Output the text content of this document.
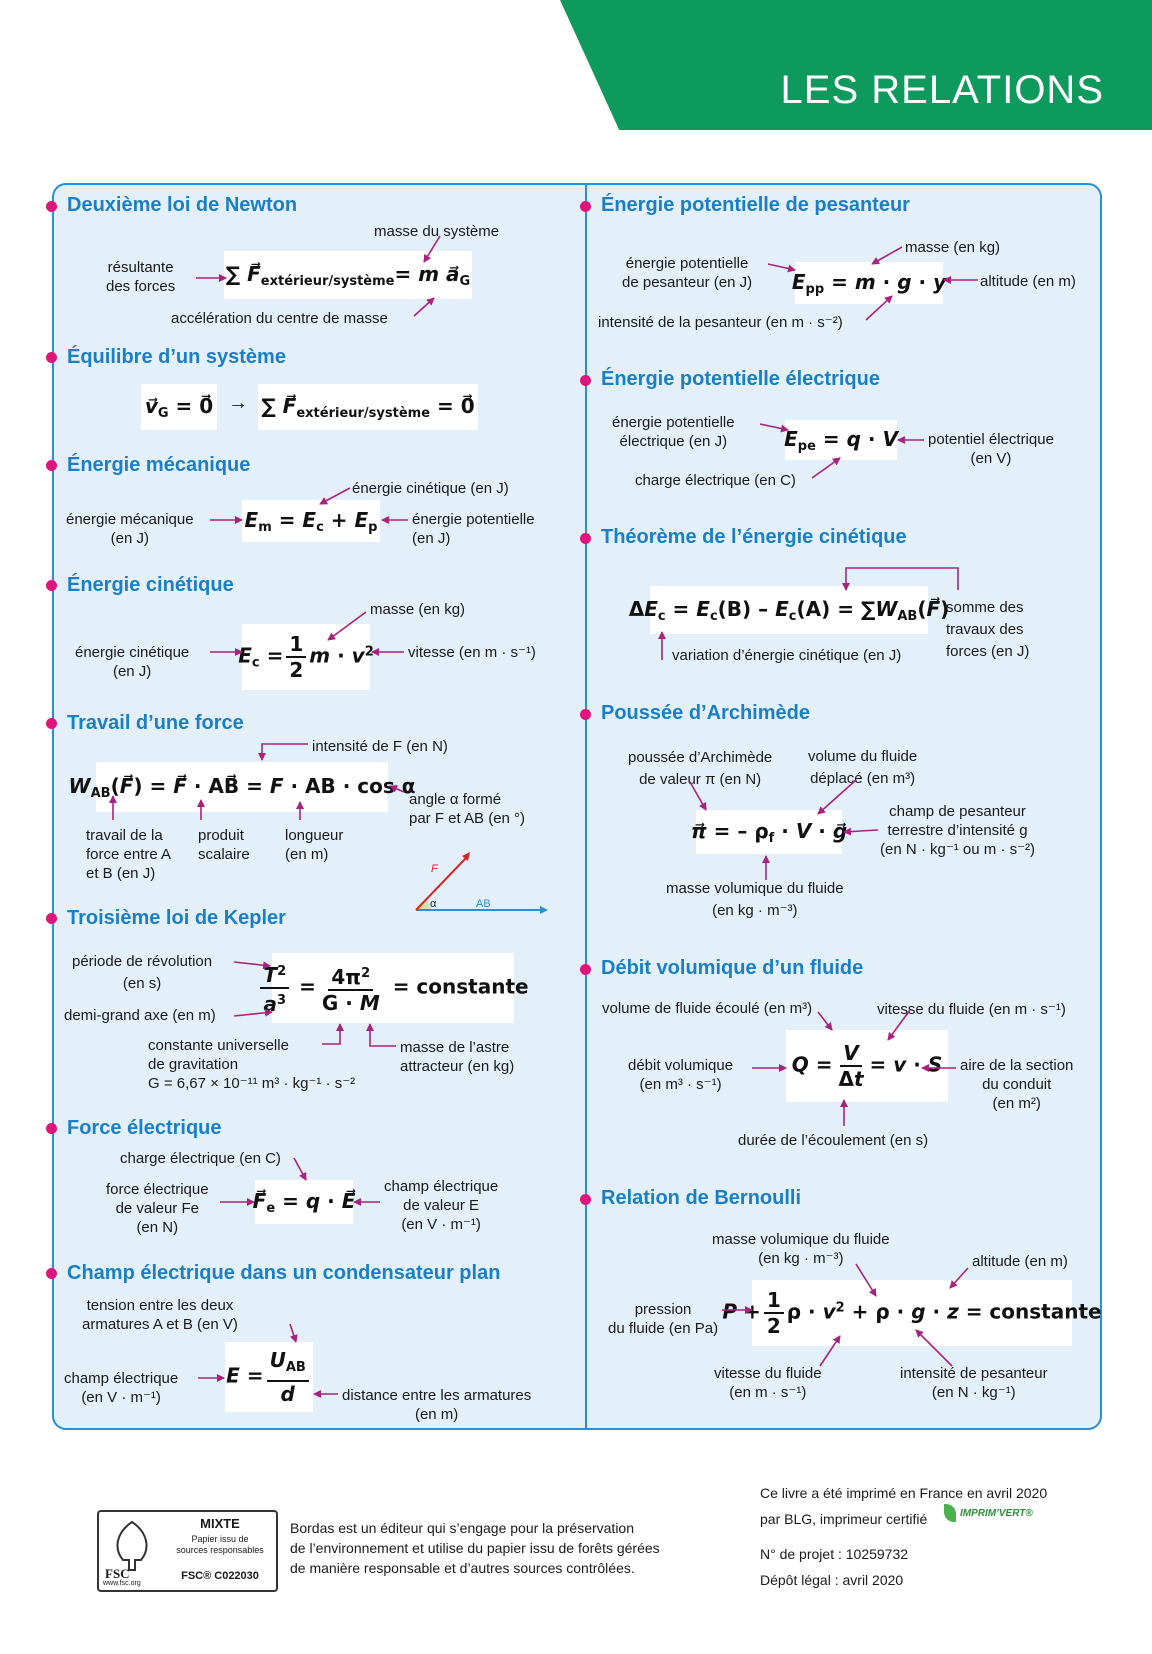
LES RELATIONS
Deuxième loi de Newton
Équilibre d’un système
Énergie mécanique
Énergie cinétique
Travail d’une force
Troisième loi de Kepler
Force électrique
Champ électrique dans un condensateur plan
Énergie potentielle de pesanteur
Énergie potentielle électrique
Théorème de l’énergie cinétique
Poussée d’Archimède
Débit volumique d’un fluide
Relation de Bernoulli
∑ $F⃗_{extérieur/système}= m$ $a⃗_G$
masse du système
résultante
des forces
accélération du centre de masse
$v⃗_G$ = 0⃗ → ∑ $F⃗_{extérieur/système}$ = 0⃗
$E_m = E_c + E_p$
énergie cinétique (en J)
énergie mécanique
(en J)
énergie potentielle
(en J)
$E_c = \frac{1}{2}$ $m \cdot v^2$
masse (en kg)
énergie cinétique
(en J)
vitesse (en m · s⁻¹)
$W_{AB}(F⃗)$ = F⃗ · AB⃗ = F · AB · cos α
intensité de F (en N)
angle α formé
par F et AB (en °)
travail de la
force entre A
et B (en J)
produit
scalaire
longueur
(en m)
F
α	AB
$\frac{T^2}{a^3} = \frac{4\pi^2}{G \cdot M}$ = constante
période de révolution
(en s)
demi-grand axe (en m)
constante universelle
de gravitation
G = 6,67 × 10⁻¹¹ m³ · kg⁻¹ · s⁻²
masse de l’astre
attracteur (en kg)
$F⃗_e = q$ · E⃗
charge électrique (en C)
force électrique
de valeur Fe
(en N)
champ électrique
de valeur E
(en V · m⁻¹)
$E = \frac{U_{AB}}{d}$
tension entre les deux
armatures A et B (en V)
champ électrique
(en V · m⁻¹)	distance entre les armatures
(en m)
$E_{pp} = m \cdot g \cdot y$
masse (en kg)
énergie potentielle
de pesanteur (en J)	altitude (en m)
intensité de la pesanteur (en m · s⁻²)
$E_{pe} = q \cdot V$
énergie potentielle
électrique (en J)	potentiel électrique
(en V)
charge électrique (en C)
$\Delta E_c = E_c(B) - E_c(A)$ = $\sum W_{AB}(F⃗)$
somme des
travaux des
forces (en J)
variation d’énergie cinétique (en J)
π⃗ = – $\rho_f \cdot V$ · g⃗
poussée d’Archimède
de valeur π (en N)
volume du fluide
déplacé (en m³)
champ de pesanteur
terrestre d’intensité g
(en N · kg⁻¹ ou m · s⁻²)
masse volumique du fluide
(en kg · m⁻³)
$Q = \frac{V}{\Delta t} = v \cdot S$
volume de fluide écoulé (en m³)	vitesse du fluide (en m · s⁻¹)
débit volumique
(en m³ · s⁻¹)
aire de la section
du conduit
(en m²)
durée de l’écoulement (en s)
$P + \frac{1}{2}$ $\rho \cdot v^2 + \rho \cdot g \cdot z$ = constante
masse volumique du fluide
(en kg · m⁻³)	altitude (en m)
pression
du fluide (en Pa)
vitesse du fluide
(en m · s⁻¹)
intensité de pesanteur
(en N · kg⁻¹)
FSC
www.fsc.org
MIXTE
Papier issu de
sources responsables
FSC® C022030
Bordas est un éditeur qui s’engage pour la préservation
de l’environnement et utilise du papier issu de forêts gérées
de manière responsable et d’autres sources contrôlées.
Ce livre a été imprimé en France en avril 2020
par BLG, imprimeur certifié	IMPRIM’VERT®
N° de projet : 10259732
Dépôt légal : avril 2020
